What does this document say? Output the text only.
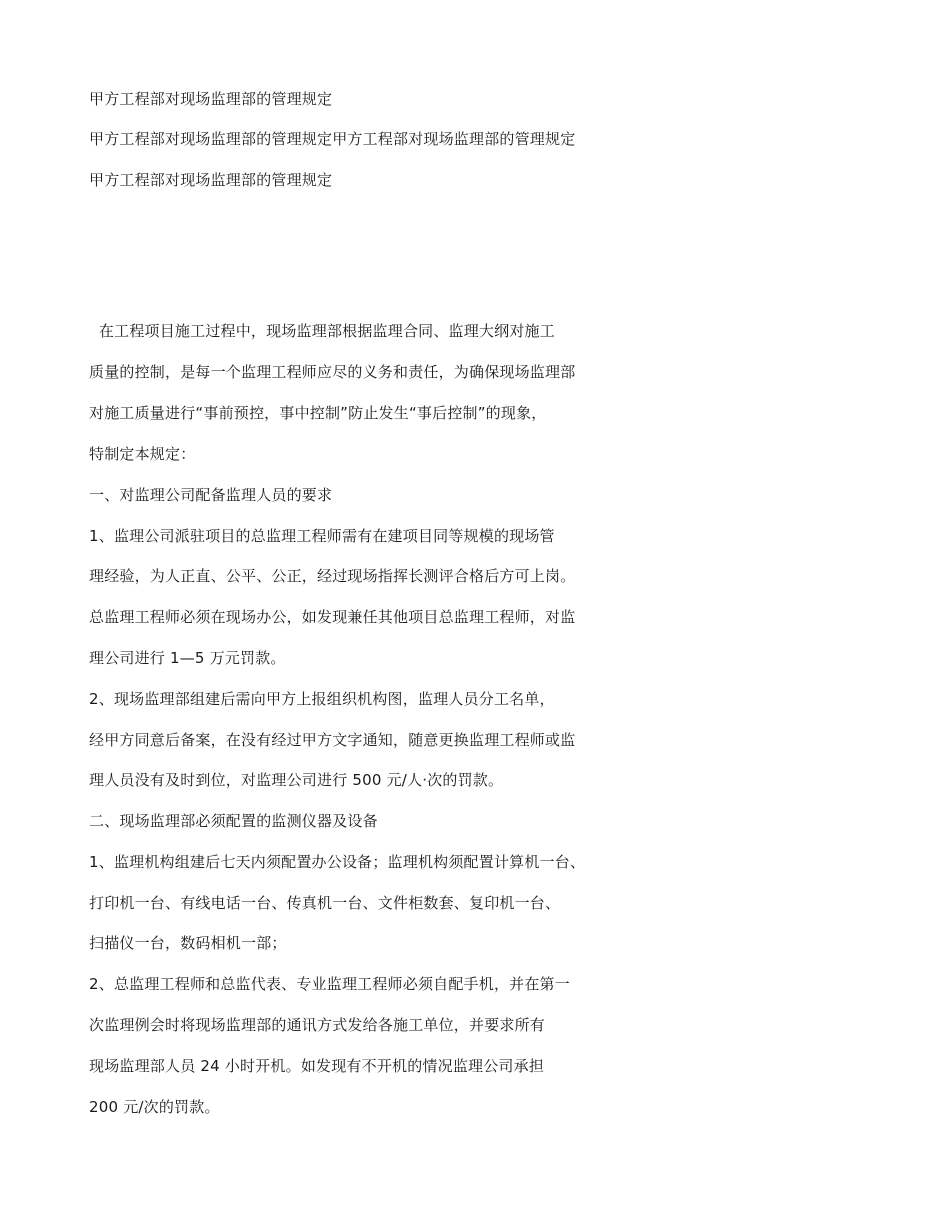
甲方工程部对现场监理部的管理规定
甲方工程部对现场监理部的管理规定甲方工程部对现场监理部的管理规定
甲方工程部对现场监理部的管理规定
在工程项目施工过程中，现场监理部根据监理合同、监理大纲对施工
质量的控制，是每一个监理工程师应尽的义务和责任，为确保现场监理部
对施工质量进行“事前预控，事中控制”防止发生“事后控制”的现象，
特制定本规定：
一、对监理公司配备监理人员的要求
1、监理公司派驻项目的总监理工程师需有在建项目同等规模的现场管
理经验，为人正直、公平、公正，经过现场指挥长测评合格后方可上岗。
总监理工程师必须在现场办公，如发现兼任其他项目总监理工程师，对监
理公司进行 1—5 万元罚款。
2、现场监理部组建后需向甲方上报组织机构图，监理人员分工名单，
经甲方同意后备案，在没有经过甲方文字通知，随意更换监理工程师或监
理人员没有及时到位，对监理公司进行 500 元/人·次的罚款。
二、现场监理部必须配置的监测仪器及设备
1、监理机构组建后七天内须配置办公设备；监理机构须配置计算机一台、
打印机一台、有线电话一台、传真机一台、文件柜数套、复印机一台、
扫描仪一台，数码相机一部；
2、总监理工程师和总监代表、专业监理工程师必须自配手机，并在第一
次监理例会时将现场监理部的通讯方式发给各施工单位，并要求所有
现场监理部人员 24 小时开机。如发现有不开机的情况监理公司承担
200 元/次的罚款。
